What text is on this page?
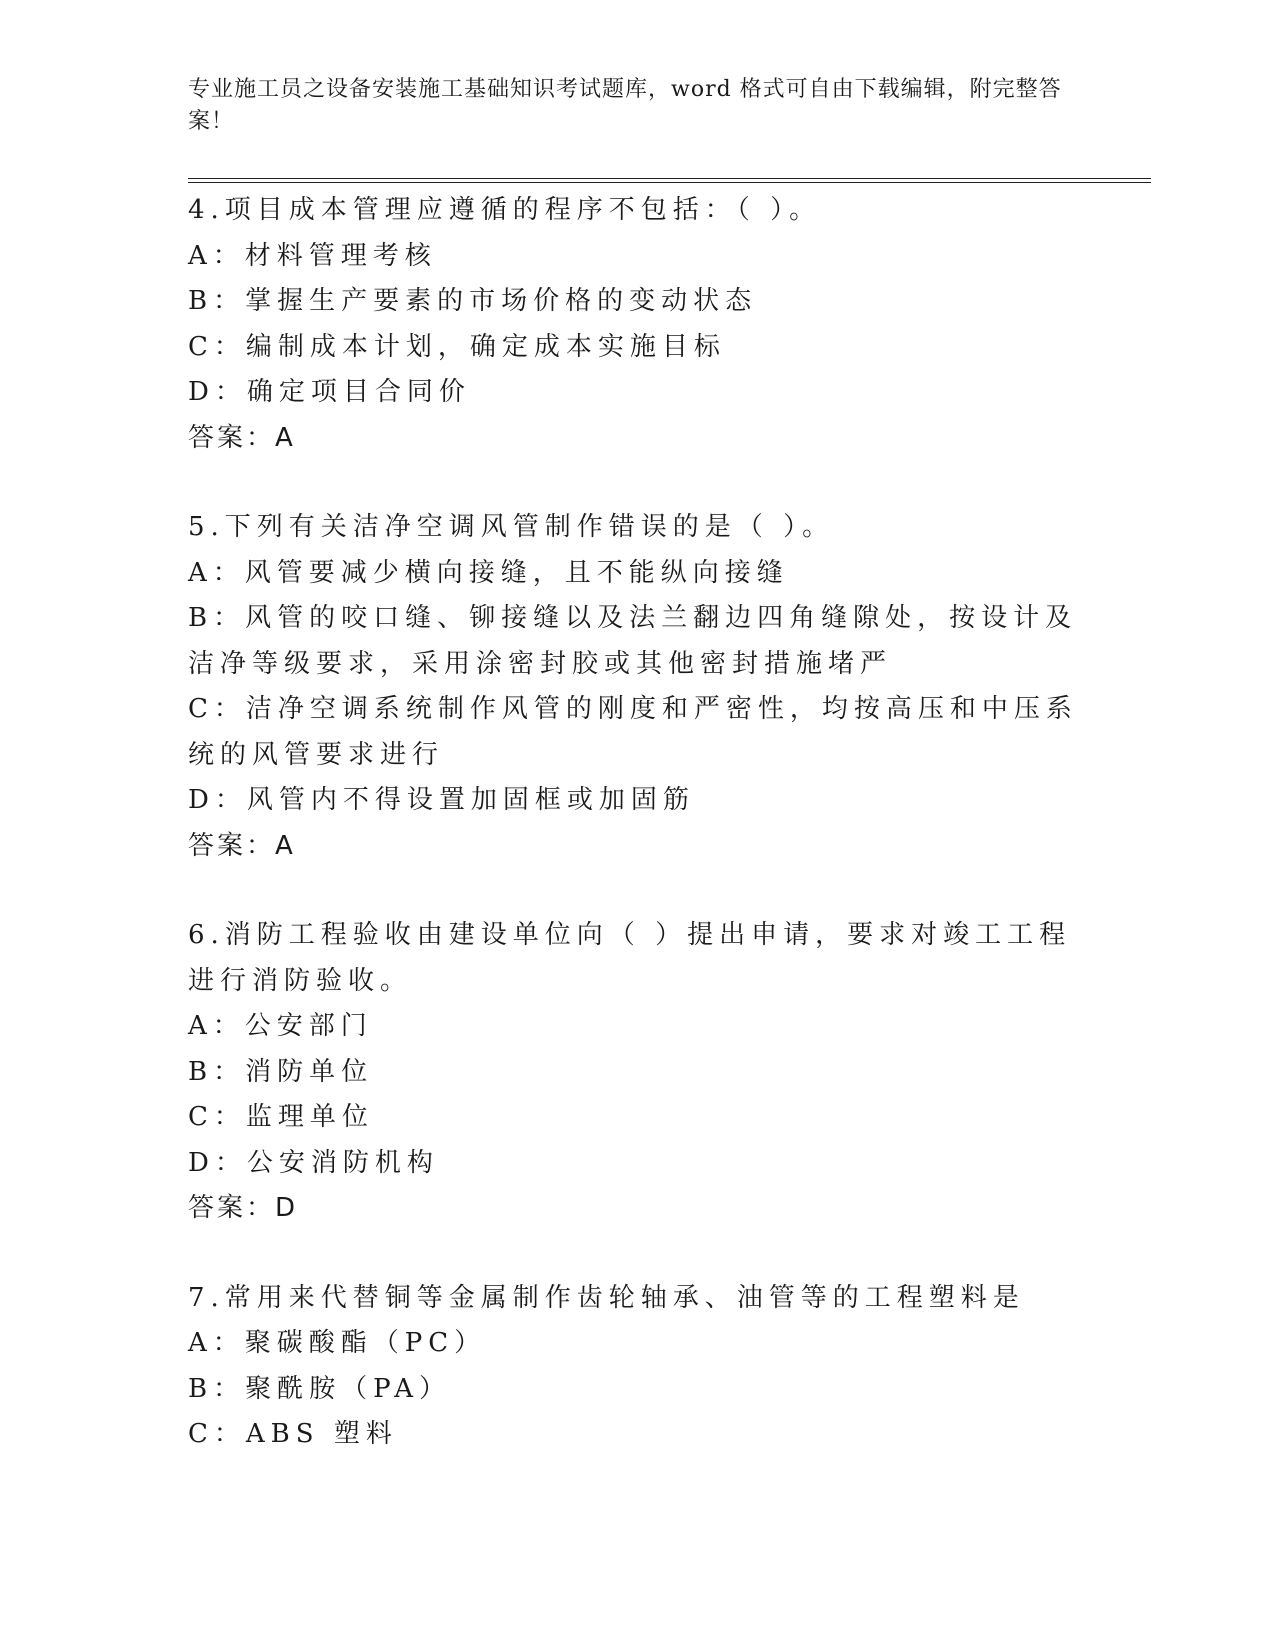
专业施工员之设备安装施工基础知识考试题库，word 格式可自由下载编辑，附完整答案！
4.项目成本管理应遵循的程序不包括：（ ）。
A：材料管理考核
B：掌握生产要素的市场价格的变动状态
C：编制成本计划，确定成本实施目标
D：确定项目合同价
答案：A
5.下列有关洁净空调风管制作错误的是（ ）。
A：风管要减少横向接缝，且不能纵向接缝
B：风管的咬口缝、铆接缝以及法兰翻边四角缝隙处，按设计及洁净等级要求，采用涂密封胶或其他密封措施堵严
C：洁净空调系统制作风管的刚度和严密性，均按高压和中压系统的风管要求进行
D：风管内不得设置加固框或加固筋
答案：A
6.消防工程验收由建设单位向（ ）提出申请，要求对竣工工程进行消防验收。
A：公安部门
B：消防单位
C：监理单位
D：公安消防机构
答案：D
7.常用来代替铜等金属制作齿轮轴承、油管等的工程塑料是
A：聚碳酸酯（PC）
B：聚酰胺（PA）
C：ABS 塑料
